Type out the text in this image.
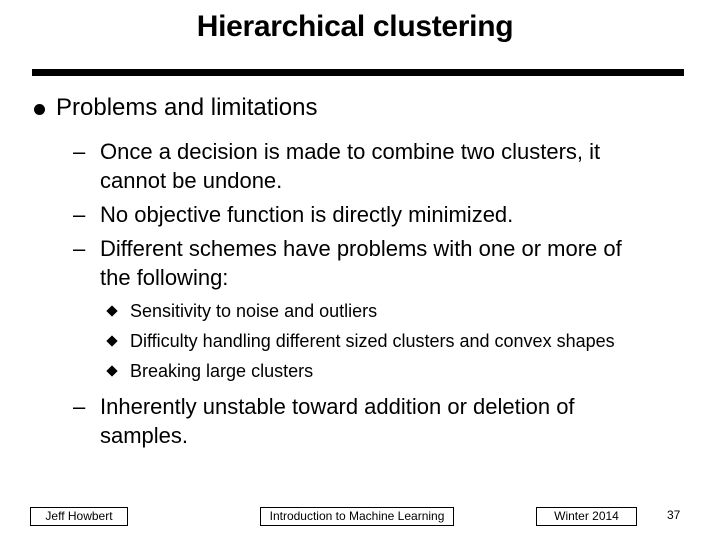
Hierarchical clustering
Problems and limitations
– Once a decision is made to combine two clusters, it
cannot be undone.
– No objective function is directly minimized.
– Different schemes have problems with one or more of
the following:
Sensitivity to noise and outliers
Difficulty handling different sized clusters and convex shapes
Breaking large clusters
– Inherently unstable toward addition or deletion of
samples.
Jeff Howbert	Introduction to Machine Learning	Winter 2014	37
